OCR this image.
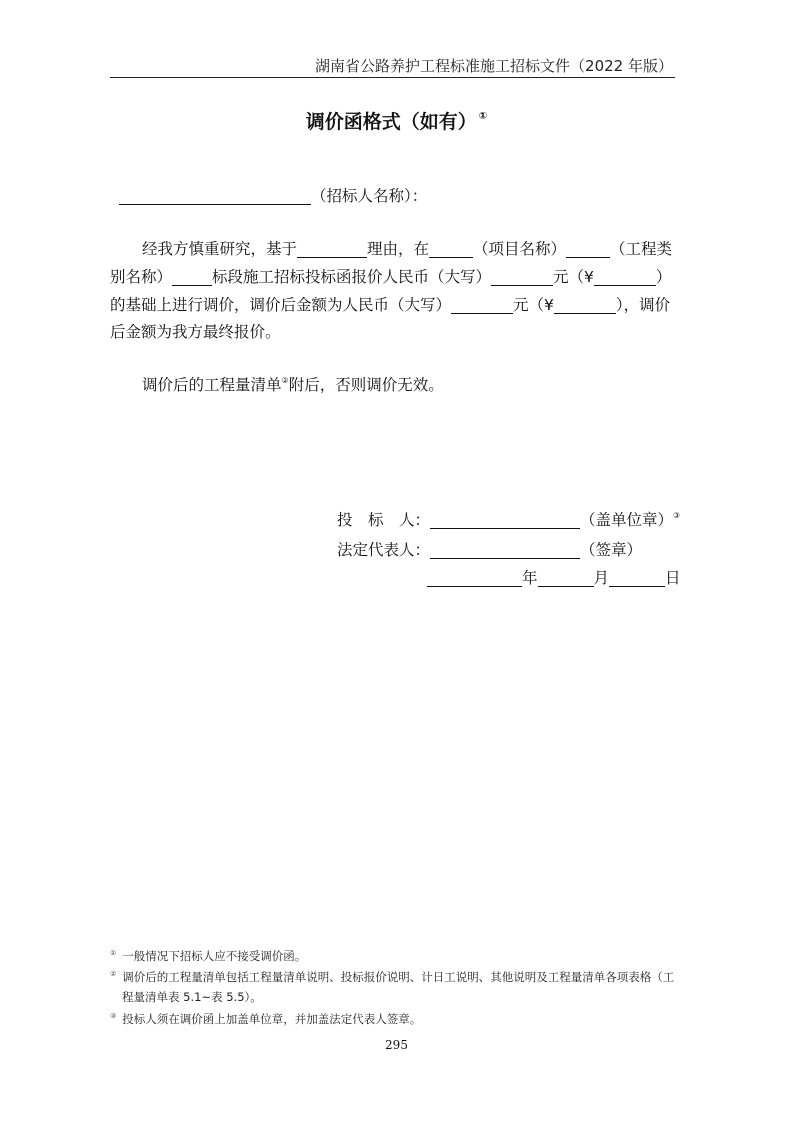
湖南省公路养护工程标准施工招标文件（2022 年版）
调价函格式（如有） ①
（招标人名称）：
经我方慎重研究，基于	理由，在	（项目名称）	（工程类
别名称）	标段施工招标投标函报价人民币（大写）	元（¥	）
的基础上进行调价，调价后金额为人民币（大写）	元（¥	），调价
后金额为我方最终报价。
调价后的工程量清单②附后，否则调价无效。
投　标　人：	（盖单位章）③
法定代表人：	（签章）
年	月	日
① 一般情况下招标人应不接受调价函。
② 调价后的工程量清单包括工程量清单说明、投标报价说明、计日工说明、其他说明及工程量清单各项表格（工
程量清单表 5.1~表 5.5）。
③ 投标人须在调价函上加盖单位章，并加盖法定代表人签章。
295
